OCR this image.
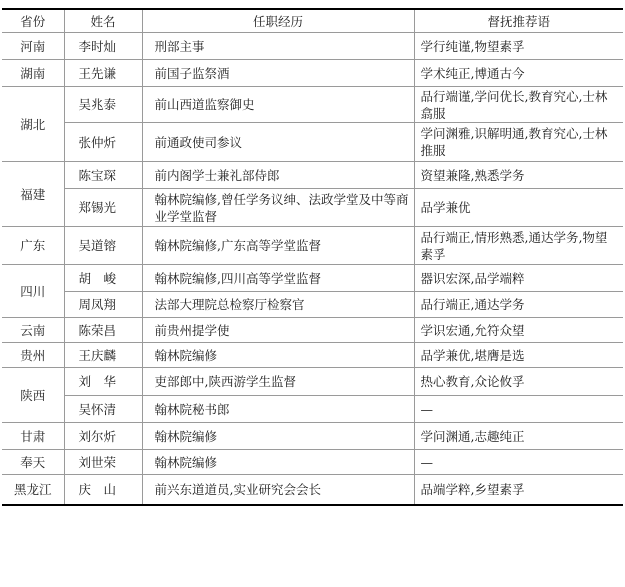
省份	姓名	任职经历	督抚推荐语
河南	李时灿	刑部主事	学行纯谨,物望素孚
湖南	王先谦	前国子监祭酒	学术纯正,博通古今
湖北	吴兆泰	前山西道监察御史	品行端谨,学问优长,教育究心,士林翕服
	张仲炘	前通政使司参议	学问渊雅,识解明通,教育究心,士林推服
福建	陈宝琛	前内阁学士兼礼部侍郎	资望兼隆,熟悉学务
	郑锡光	翰林院编修,曾任学务议绅、法政学堂及中等商业学堂监督	品学兼优
广东	吴道镕	翰林院编修,广东高等学堂监督	品行端正,情形熟悉,通达学务,物望素孚
四川	胡　峻	翰林院编修,四川高等学堂监督	器识宏深,品学端粹
	周凤翔	法部大理院总检察厅检察官	品行端正,通达学务
云南	陈荣昌	前贵州提学使	学识宏通,允符众望
贵州	王庆麟	翰林院编修	品学兼优,堪膺是选
陕西	刘　华	吏部郎中,陕西游学生监督	热心教育,众论攸孚
	吴怀清	翰林院秘书郎	—
甘肃	刘尔炘	翰林院编修	学问渊通,志趣纯正
奉天	刘世荣	翰林院编修	—
黑龙江	庆　山	前兴东道道员,实业研究会会长	品端学粹,乡望素孚
